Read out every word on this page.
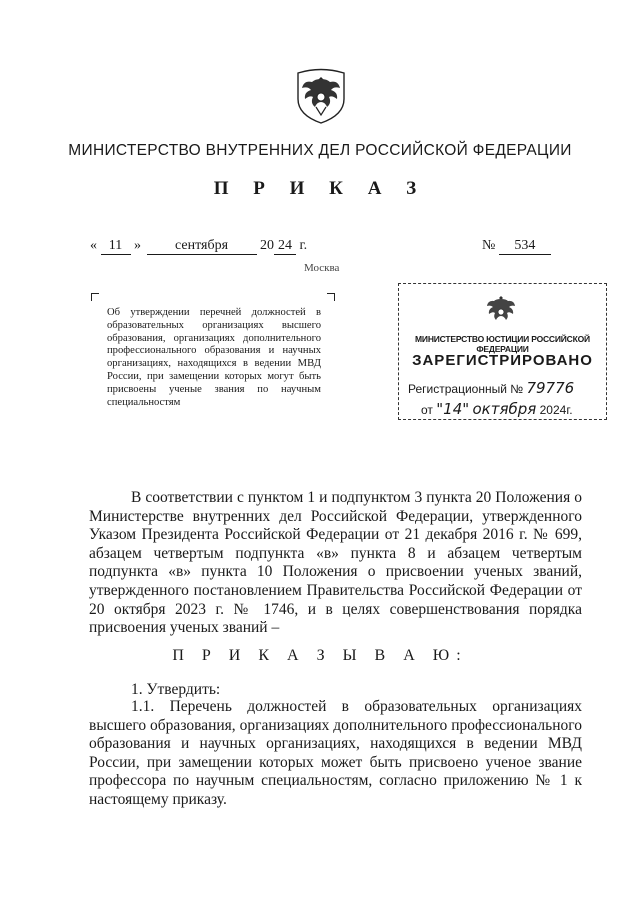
МИНИСТЕРСТВО ВНУТРЕННИХ ДЕЛ РОССИЙСКОЙ ФЕДЕРАЦИИ
П Р И К А З
« 11 » сентября 20 24 г.	№ 534
Москва
Об утверждении перечней должностей в образовательных организациях высшего образования, организациях дополнительного профессионального образования и научных организациях, находящихся в ведении МВД России, при замещении которых могут быть присвоены ученые звания по научным специальностям
МИНИСТЕРСТВО ЮСТИЦИИ РОССИЙСКОЙ ФЕДЕРАЦИИ
ЗАРЕГИСТРИРОВАНО
Регистрационный № 79776
от "14" октября 2024г.

В соответствии с пунктом 1 и подпунктом 3 пункта 20 Положения о Министерстве внутренних дел Российской Федерации, утвержденного Указом Президента Российской Федерации от 21 декабря 2016 г. № 699, абзацем четвертым подпункта «в» пункта 8 и абзацем четвертым подпункта «в» пункта 10 Положения о присвоении ученых званий, утвержденного постановлением Правительства Российской Федерации от 20 октября 2023 г. № 1746, и в целях совершенствования порядка присвоения ученых званий –

П Р И К А З Ы В А Ю:
1. Утвердить:

1.1. Перечень должностей в образовательных организациях высшего образования, организациях дополнительного профессионального образования и научных организациях, находящихся в ведении МВД России, при замещении которых может быть присвоено ученое звание профессора по научным специальностям, согласно приложению № 1 к настоящему приказу.
